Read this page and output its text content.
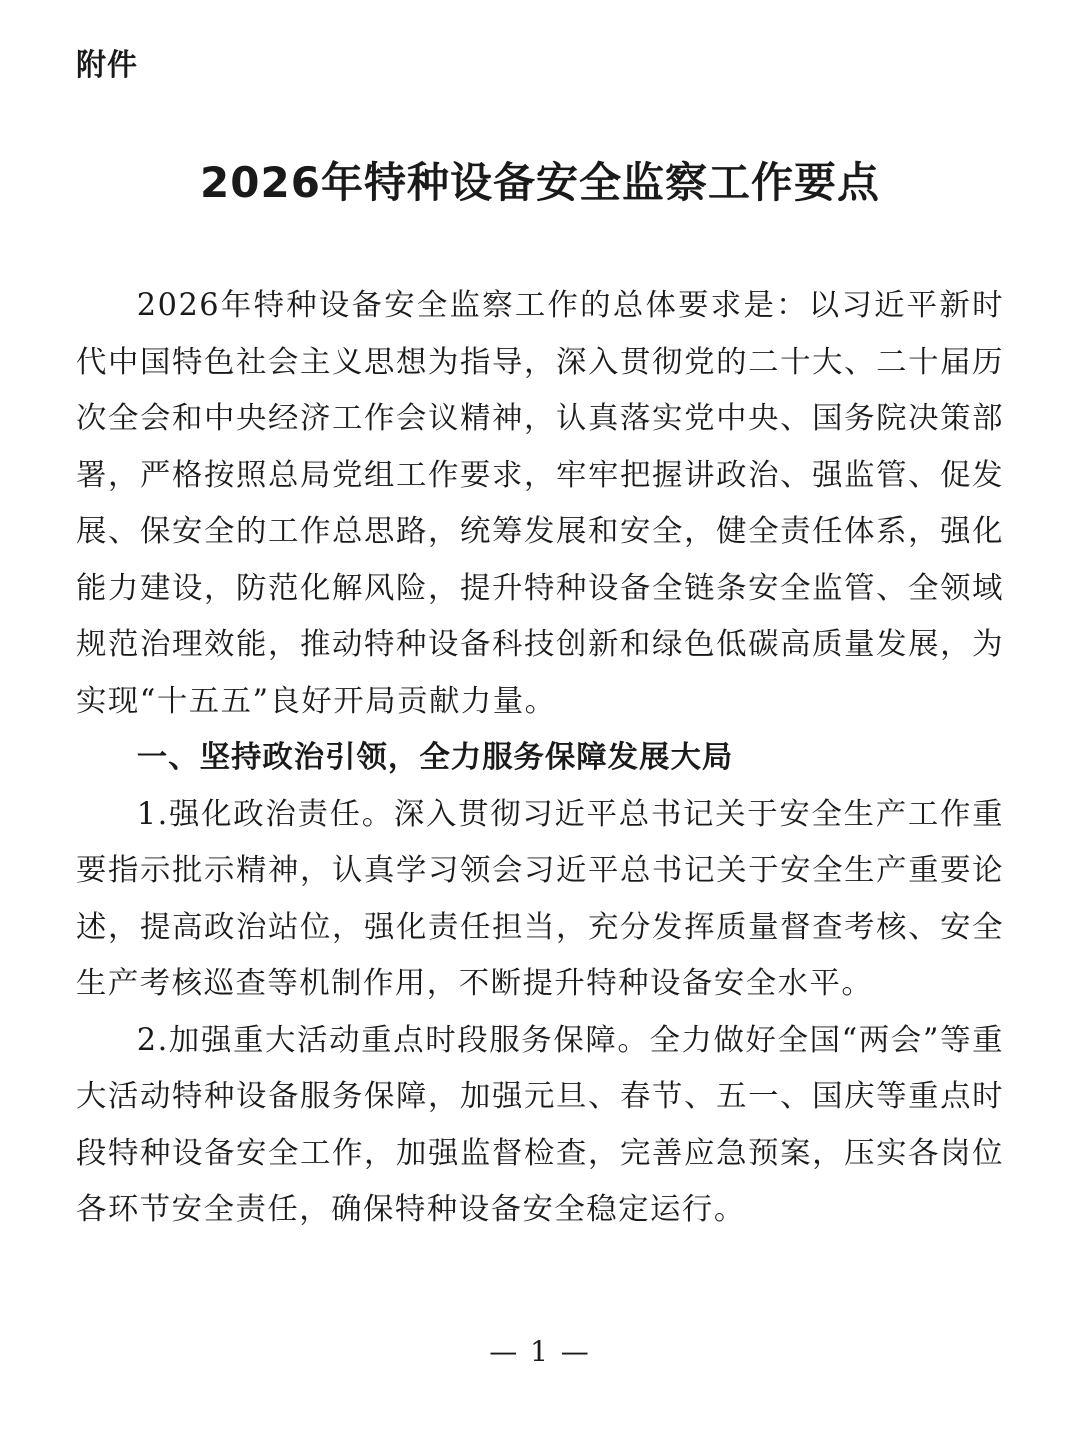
附件
2026年特种设备安全监察工作要点

2026年特种设备安全监察工作的总体要求是：以习近平新时代中国特色社会主义思想为指导，深入贯彻党的二十大、二十届历次全会和中央经济工作会议精神，认真落实党中央、国务院决策部署，严格按照总局党组工作要求，牢牢把握讲政治、强监管、促发展、保安全的工作总思路，统筹发展和安全，健全责任体系，强化能力建设，防范化解风险，提升特种设备全链条安全监管、全领域规范治理效能，推动特种设备科技创新和绿色低碳高质量发展，为实现“十五五”良好开局贡献力量。

一、坚持政治引领，全力服务保障发展大局

1.强化政治责任。深入贯彻习近平总书记关于安全生产工作重要指示批示精神，认真学习领会习近平总书记关于安全生产重要论述，提高政治站位，强化责任担当，充分发挥质量督查考核、安全生产考核巡查等机制作用，不断提升特种设备安全水平。

2.加强重大活动重点时段服务保障。全力做好全国“两会”等重大活动特种设备服务保障，加强元旦、春节、五一、国庆等重点时段特种设备安全工作，加强监督检查，完善应急预案，压实各岗位各环节安全责任，确保特种设备安全稳定运行。

— 1 —
